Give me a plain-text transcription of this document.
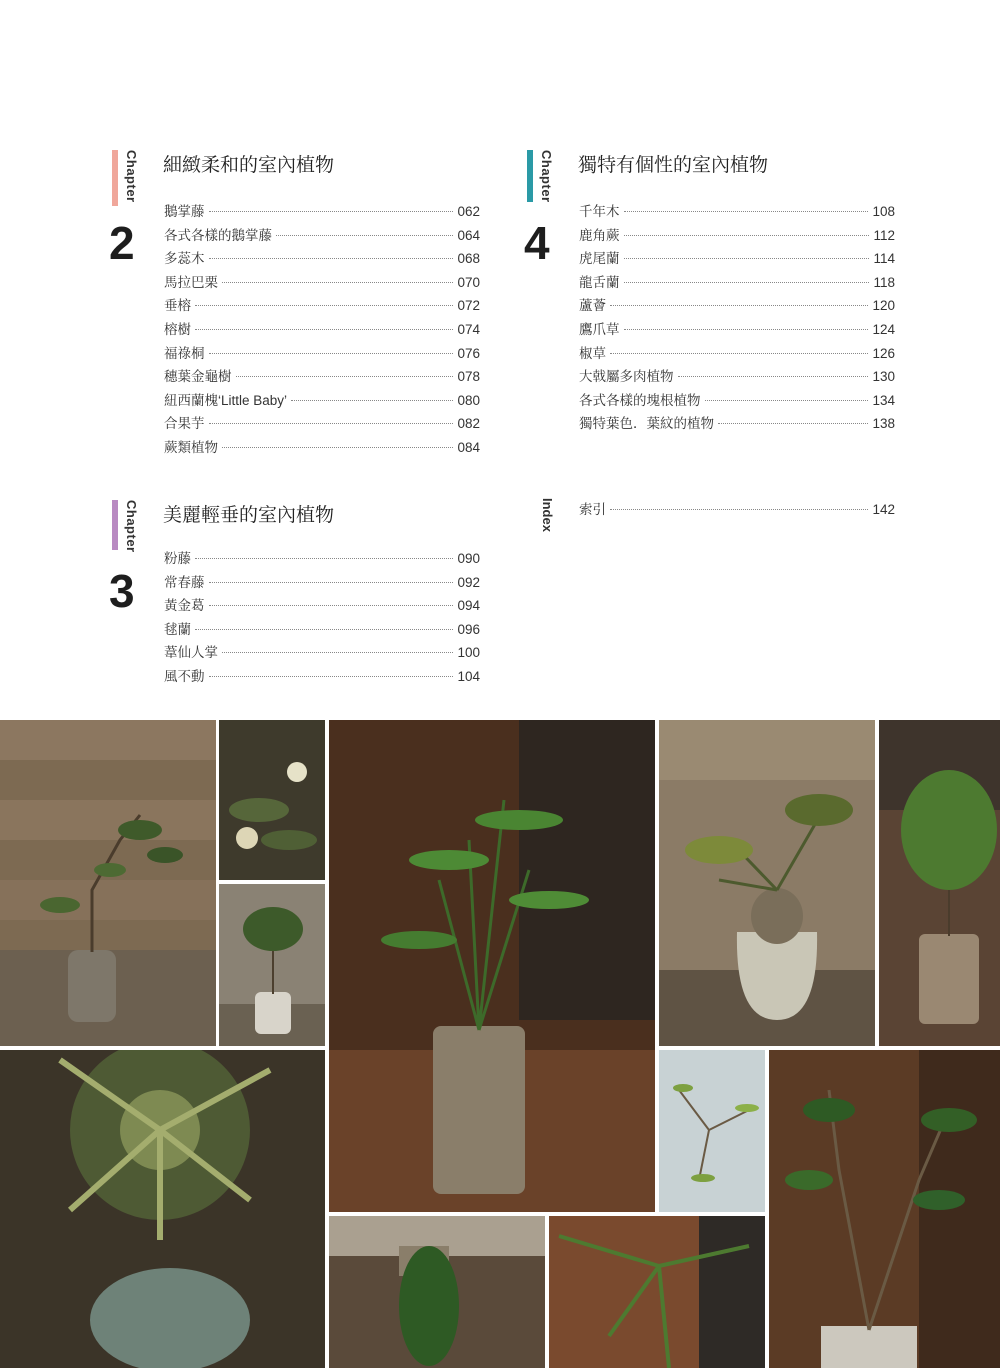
Chapter
2
細緻柔和的室內植物
鵝掌藤	062
各式各樣的鵝掌藤	064
多蕊木	068
馬拉巴栗	070
垂榕	072
榕樹	074
福祿桐	076
穗葉金龜樹	078
紐西蘭槐‘Little Baby’	080
合果芋	082
蕨類植物	084
Chapter
3
美麗輕垂的室內植物
粉藤	090
常春藤	092
黃金葛	094
毬蘭	096
葦仙人掌	100
風不動	104
Chapter
4
獨特有個性的室內植物
千年木	108
鹿角蕨	112
虎尾蘭	114
龍舌蘭	118
蘆薈	120
鷹爪草	124
椒草	126
大戟屬多肉植物	130
各式各樣的塊根植物	134
獨特葉色．葉紋的植物	138
Index 索引	142
